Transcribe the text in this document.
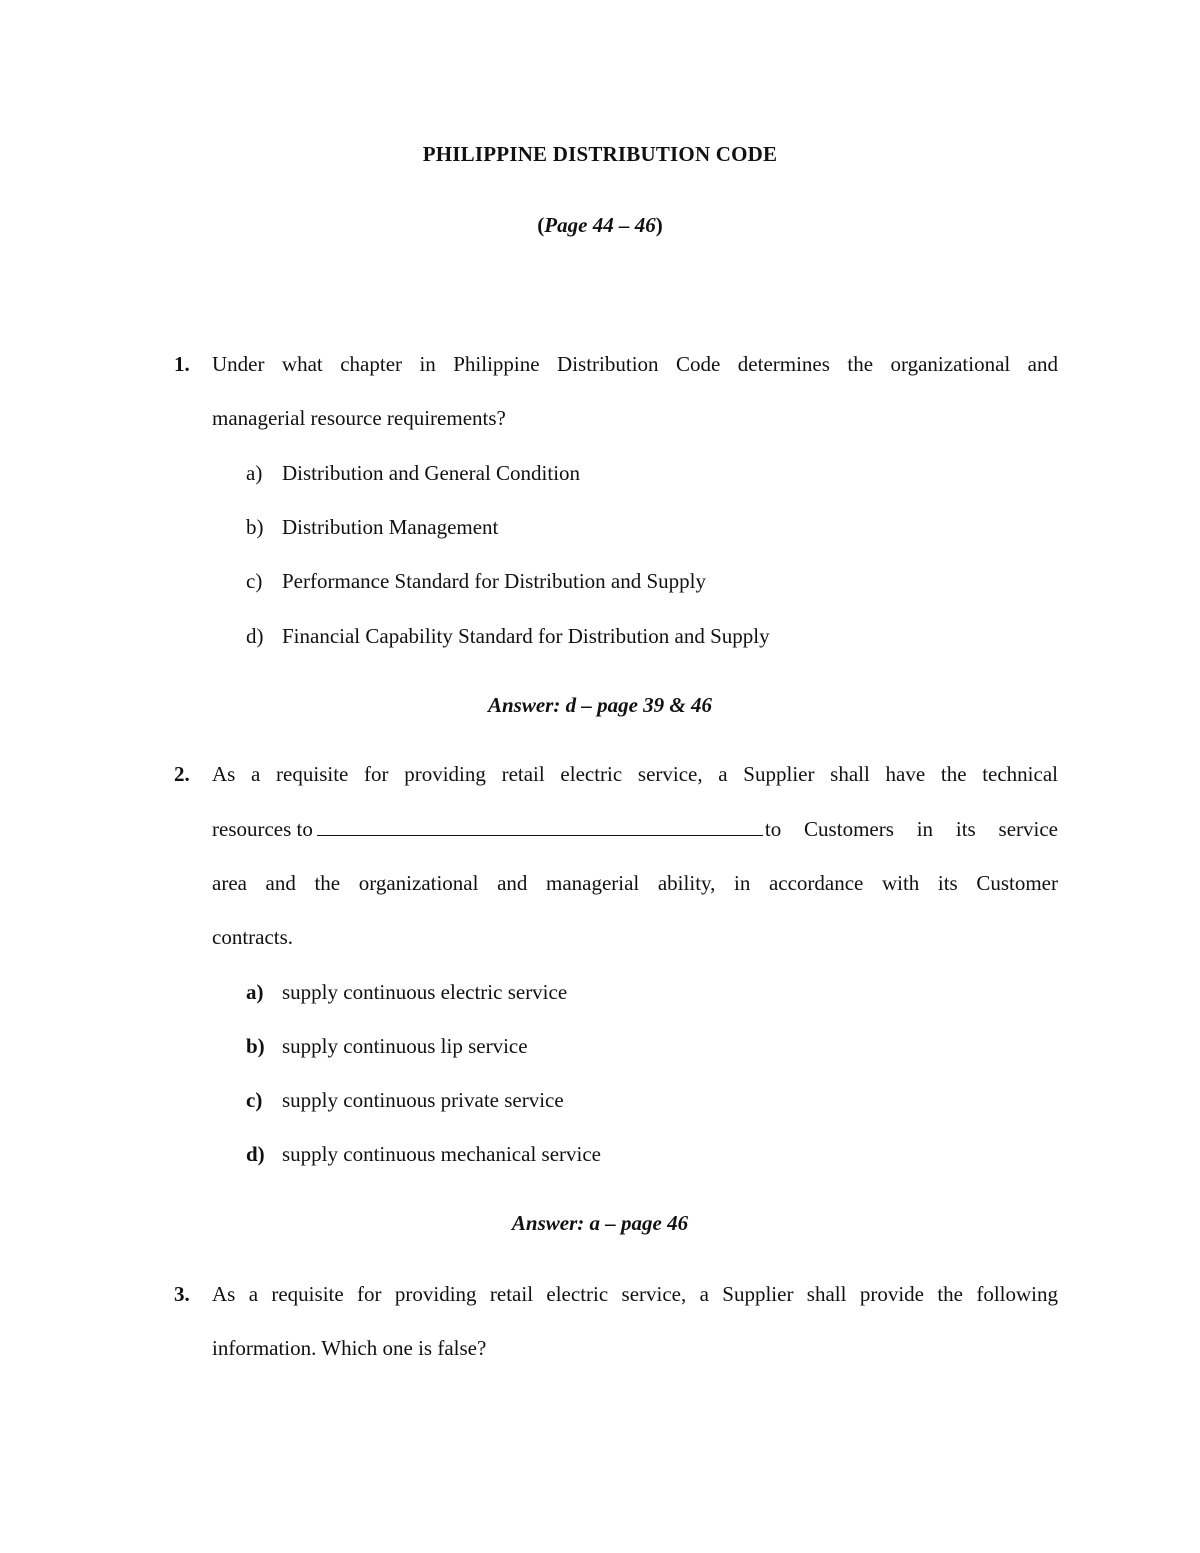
PHILIPPINE DISTRIBUTION CODE
(Page 44 – 46)
1. Under what chapter in Philippine Distribution Code determines the organizational and
managerial resource requirements?
a) Distribution and General Condition
b) Distribution Management
c) Performance Standard for Distribution and Supply
d) Financial Capability Standard for Distribution and Supply
Answer: d – page 39 & 46
2. As a requisite for providing retail electric service, a Supplier shall have the technical
resources to	to Customers in its service
area and the organizational and managerial ability, in accordance with its Customer
contracts.
a) supply continuous electric service
b) supply continuous lip service
c) supply continuous private service
d) supply continuous mechanical service
Answer: a – page 46
3. As a requisite for providing retail electric service, a Supplier shall provide the following
information. Which one is false?
